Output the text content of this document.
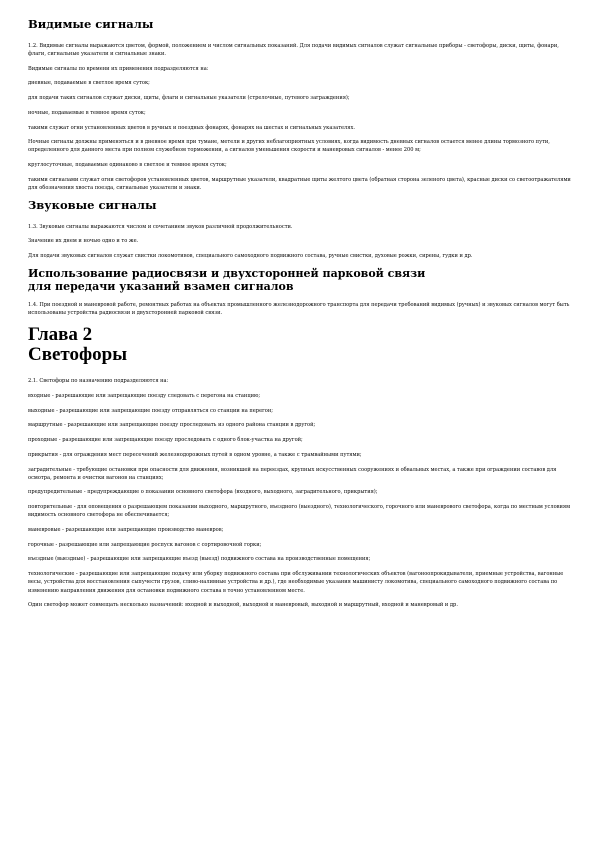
Видимые сигналы

1.2. Видимые сигналы выражаются цветом, формой, положением и числом сигнальных показаний. Для подачи видимых сигналов служат сигнальные приборы - светофоры, диски, щиты, фонари, флаги, сигнальные указатели и сигнальные знаки.

Видимые сигналы по времени их применения подразделяются на:

дневные, подаваемые в светлое время суток;

для подачи таких сигналов служат диски, щиты, флаги и сигнальные указатели (стрелочные, путевого заграждения);

ночные, подаваемые в темное время суток;

такими служат огни установленных цветов в ручных и поездных фонарях, фонарях на шестах и сигнальных указателях.

Ночные сигналы должны применяться и в дневное время при тумане, метели и других неблагоприятных условиях, когда видимость дневных сигналов остается менее длины тормозного пути, определенного для данного места при полном служебном торможении, а сигналов уменьшения скорости и маневровых сигналов - менее 200 м;

круглосуточные, подаваемые одинаково в светлое и темное время суток;

такими сигналами служат огни светофоров установленных цветов, маршрутные указатели, квадратные щиты желтого цвета (обратная сторона зеленого цвета), красные диски со светоотражателями для обозначения хвоста поезда, сигнальные указатели и знаки.

Звуковые сигналы

1.3. Звуковые сигналы выражаются числом и сочетанием звуков различной продолжительности.

Значение их днем и ночью одно и то же.

Для подачи звуковых сигналов служат свистки локомотивов, специального самоходного подвижного состава, ручные свистки, духовые рожки, сирены, гудки и др.

Использование радиосвязи и двухсторонней парковой связи
для передачи указаний взамен сигналов

1.4. При поездной и маневровой работе, ремонтных работах на объектах промышленного железнодорожного транспорта для передачи требований видимых (ручных) и звуковых сигналов могут быть использованы устройства радиосвязи и двухсторонней парковой связи.

Глава 2
Светофоры

2.1. Светофоры по назначению подразделяются на:

входные - разрешающие или запрещающие поезду следовать с перегона на станцию;

выходные - разрешающие или запрещающие поезду отправляться со станции на перегон;

маршрутные - разрешающие или запрещающие поезду проследовать из одного района станции в другой;

проходные - разрешающие или запрещающие поезду проследовать с одного блок-участка на другой;

прикрытия - для ограждения мест пересечений железнодорожных путей в одном уровне, а также с трамвайными путями;

заградительные - требующие остановки при опасности для движения, возникшей на переездах, крупных искусственных сооружениях и обвальных местах, а также при ограждении составов для осмотра, ремонта и очистки вагонов на станциях;

предупредительные - предупреждающие о показании основного светофора (входного, выходного, заградительного, прикрытия);

повторительные - для оповещения о разрешающем показании выходного, маршрутного, въездного (выездного), технологического, горочного или маневрового светофора, когда по местным условиям видимость основного светофора не обеспечивается;

маневровые - разрешающие или запрещающие производство маневров;

горочные - разрешающие или запрещающие роспуск вагонов с сортировочной горки;

въездные (выездные) - разрешающие или запрещающие въезд (выезд) подвижного состава на производственные помещения;

технологические - разрешающие или запрещающие подачу или уборку подвижного состава при обслуживании технологических объектов (вагоноопрокидыватели, приемные устройства, вагонные весы, устройства для восстановления сыпучести грузов, сливо-наливные устройства и др.), где необходимые указания машинисту локомотива, специального самоходного подвижного состава по изменению направления движения для остановки подвижного состава в точно установленном месте.

Один светофор может совмещать несколько назначений: входной и выходной, выходной и маневровый, выходной и маршрутный, входной и маневровый и др.
